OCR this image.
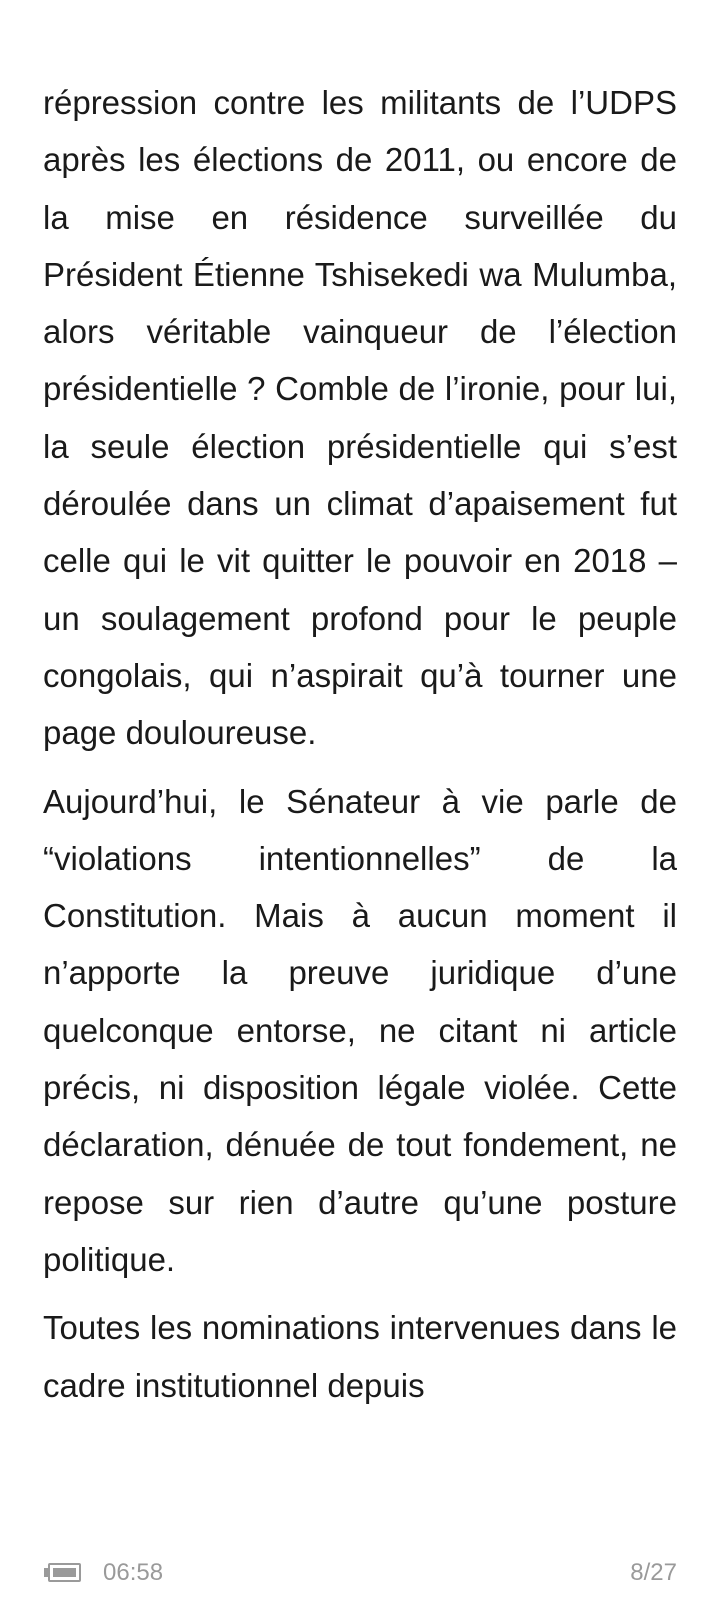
répression contre les militants de l’UDPS après les élections de 2011, ou encore de la mise en résidence surveillée du Président Étienne Tshisekedi wa Mulumba, alors véritable vainqueur de l’élection présidentielle ? Comble de l’ironie, pour lui, la seule élection présidentielle qui s’est déroulée dans un climat d’apaisement fut celle qui le vit quitter le pouvoir en 2018 – un soulagement profond pour le peuple congolais, qui n’aspirait qu’à tourner une page douloureuse.

Aujourd’hui, le Sénateur à vie parle de “violations intentionnelles” de la Constitution. Mais à aucun moment il n’apporte la preuve juridique d’une quelconque entorse, ne citant ni article précis, ni disposition légale violée. Cette déclaration, dénuée de tout fondement, ne repose sur rien d’autre qu’une posture politique.

Toutes les nominations intervenues dans le cadre institutionnel depuis

06:58	8/27
